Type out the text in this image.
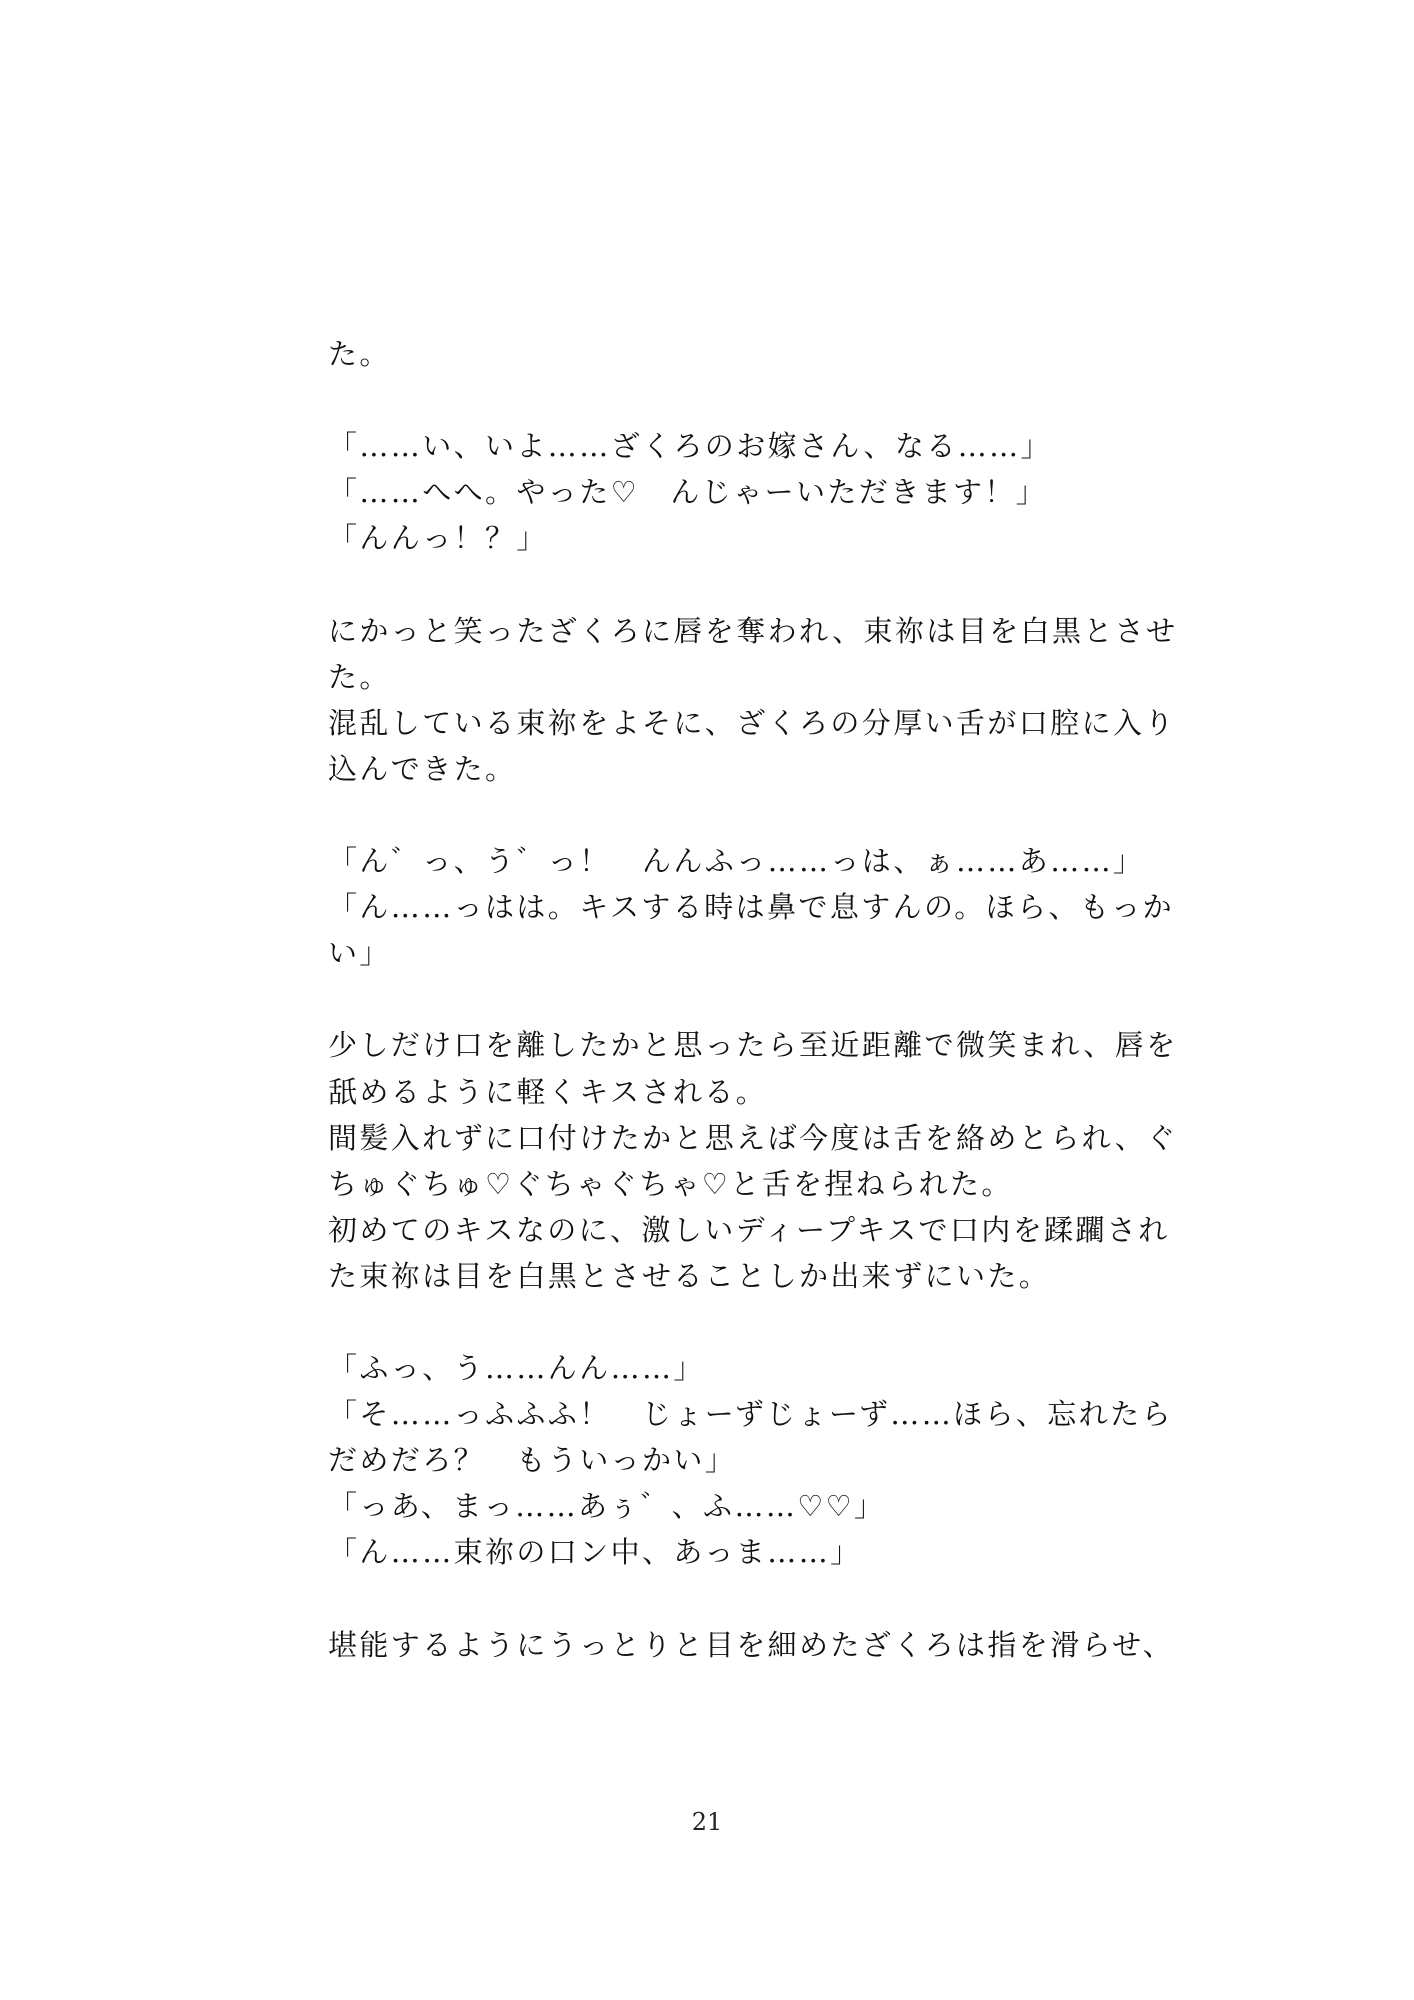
た。
「……い、いよ……ざくろのお嫁さん、なる……」
「……へへ。やった♡　んじゃーいただきます！」
「んんっ！？」
にかっと笑ったざくろに唇を奪われ、束祢は目を白黒とさせ
た。
混乱している束祢をよそに、ざくろの分厚い舌が口腔に入り
込んできた。
「ん゛っ、う゛っ！　んんふっ……っは、ぁ……あ……」
「ん……っはは。キスする時は鼻で息すんの。ほら、もっか
い」
少しだけ口を離したかと思ったら至近距離で微笑まれ、唇を
舐めるように軽くキスされる。
間髪入れずに口付けたかと思えば今度は舌を絡めとられ、ぐ
ちゅぐちゅ♡ぐちゃぐちゃ♡と舌を捏ねられた。
初めてのキスなのに、激しいディープキスで口内を蹂躙され
た束祢は目を白黒とさせることしか出来ずにいた。
「ふっ、う……んん……」
「そ……っふふふ！　じょーずじょーず……ほら、忘れたら
だめだろ？　もういっかい」
「っあ、まっ……あぅ゛、ふ……♡♡」
「ん……束祢の口ン中、あっま……」
堪能するようにうっとりと目を細めたざくろは指を滑らせ、
21
